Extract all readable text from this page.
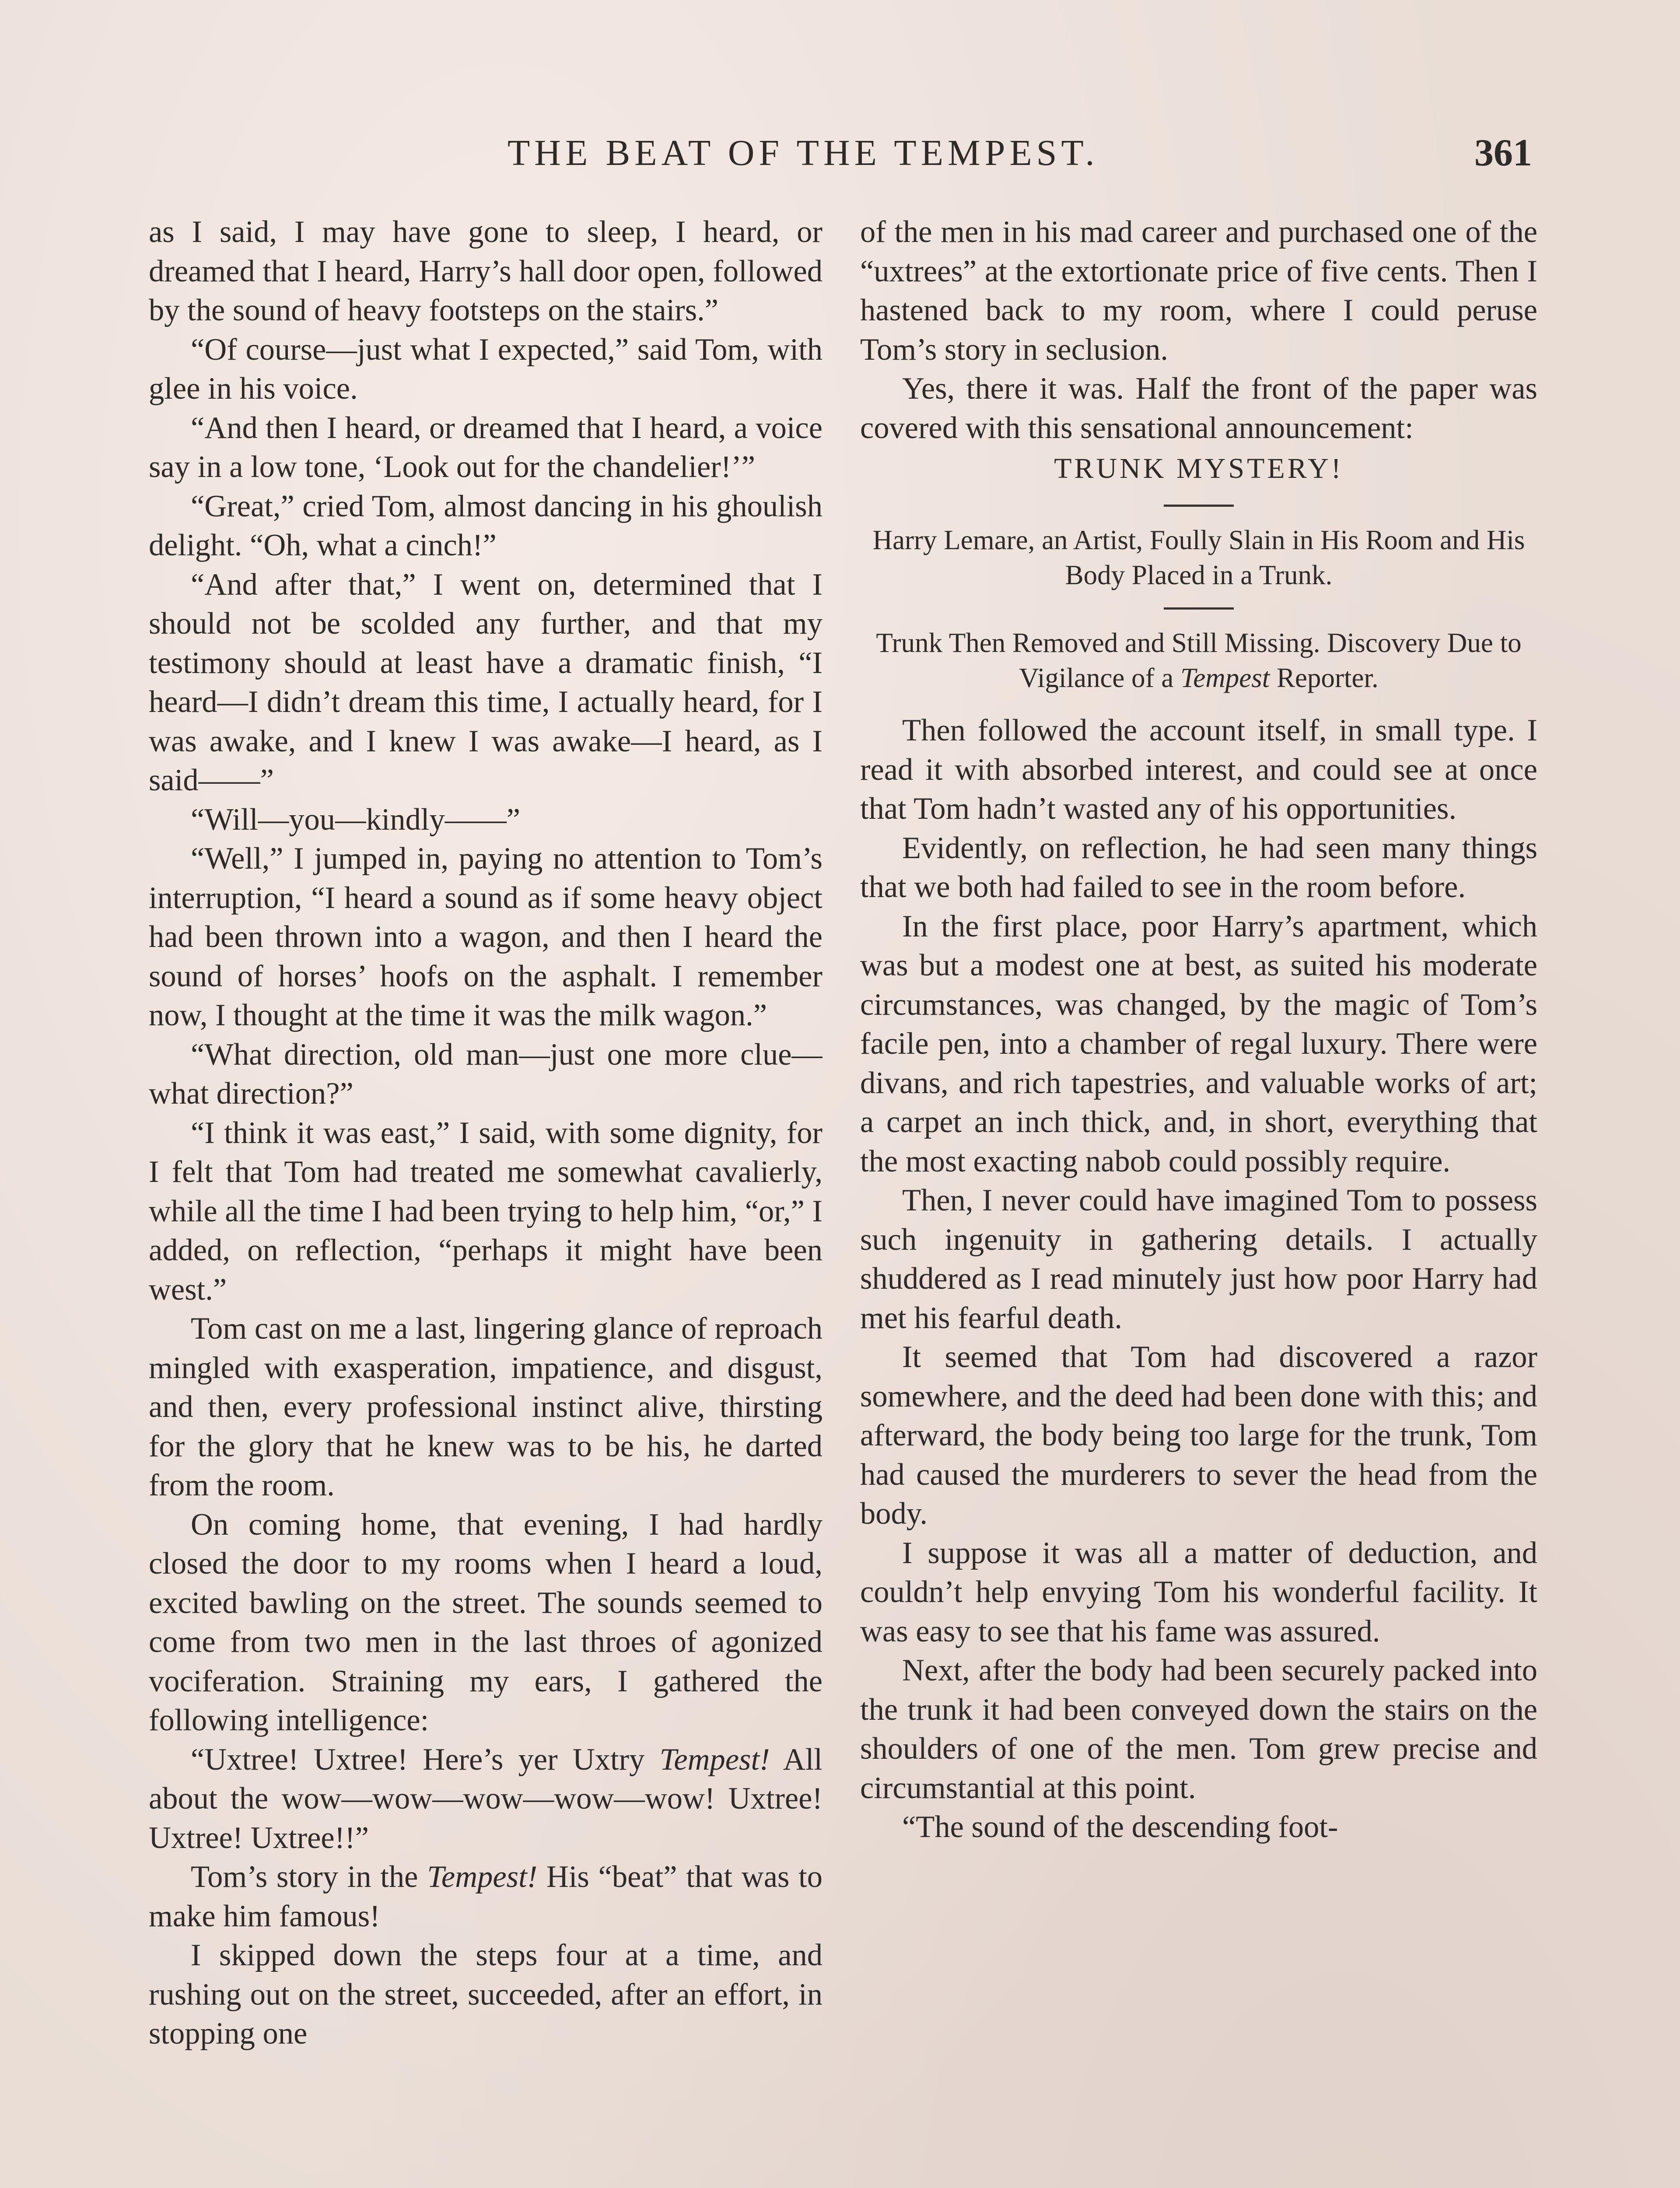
THE BEAT OF THE TEMPEST.	361

as I said, I may have gone to sleep, I heard, or dreamed that I heard, Harry’s hall door open, followed by the sound of heavy footsteps on the stairs.”

“Of course—just what I expected,” said Tom, with glee in his voice.

“And then I heard, or dreamed that I heard, a voice say in a low tone, ‘Look out for the chandelier!’”

“Great,” cried Tom, almost dancing in his ghoulish delight. “Oh, what a cinch!”

“And after that,” I went on, determined that I should not be scolded any further, and that my testimony should at least have a dramatic finish, “I heard—I didn’t dream this time, I actually heard, for I was awake, and I knew I was awake—I heard, as I said——”

“Will—you—kindly——”

“Well,” I jumped in, paying no attention to Tom’s interruption, “I heard a sound as if some heavy object had been thrown into a wagon, and then I heard the sound of horses’ hoofs on the asphalt. I remember now, I thought at the time it was the milk wagon.”

“What direction, old man—just one more clue—what direction?”

“I think it was east,” I said, with some dignity, for I felt that Tom had treated me somewhat cavalierly, while all the time I had been trying to help him, “or,” I added, on reflection, “perhaps it might have been west.”

Tom cast on me a last, lingering glance of reproach mingled with exasperation, impatience, and disgust, and then, every professional instinct alive, thirsting for the glory that he knew was to be his, he darted from the room.

On coming home, that evening, I had hardly closed the door to my rooms when I heard a loud, excited bawling on the street. The sounds seemed to come from two men in the last throes of agonized vociferation. Straining my ears, I gathered the following intelligence:

“Uxtree! Uxtree! Here’s yer Uxtry Tempest! All about the wow—wow—wow—wow—wow! Uxtree! Uxtree! Uxtree!!”

Tom’s story in the Tempest! His “beat” that was to make him famous!

I skipped down the steps four at a time, and rushing out on the street, succeeded, after an effort, in stopping one

of the men in his mad career and purchased one of the “uxtrees” at the extortionate price of five cents. Then I hastened back to my room, where I could peruse Tom’s story in seclusion.

Yes, there it was. Half the front of the paper was covered with this sensational announcement:

TRUNK MYSTERY!

Harry Lemare, an Artist, Foully Slain in His Room and His Body Placed in a Trunk.

Trunk Then Removed and Still Missing. Discovery Due to Vigilance of a Tempest Reporter.

Then followed the account itself, in small type. I read it with absorbed interest, and could see at once that Tom hadn’t wasted any of his opportunities.

Evidently, on reflection, he had seen many things that we both had failed to see in the room before.

In the first place, poor Harry’s apartment, which was but a modest one at best, as suited his moderate circumstances, was changed, by the magic of Tom’s facile pen, into a chamber of regal luxury. There were divans, and rich tapestries, and valuable works of art; a carpet an inch thick, and, in short, everything that the most exacting nabob could possibly require.

Then, I never could have imagined Tom to possess such ingenuity in gathering details. I actually shuddered as I read minutely just how poor Harry had met his fearful death.

It seemed that Tom had discovered a razor somewhere, and the deed had been done with this; and afterward, the body being too large for the trunk, Tom had caused the murderers to sever the head from the body.

I suppose it was all a matter of deduction, and couldn’t help envying Tom his wonderful facility. It was easy to see that his fame was assured.

Next, after the body had been securely packed into the trunk it had been conveyed down the stairs on the shoulders of one of the men. Tom grew precise and circumstantial at this point.

“The sound of the descending foot-
